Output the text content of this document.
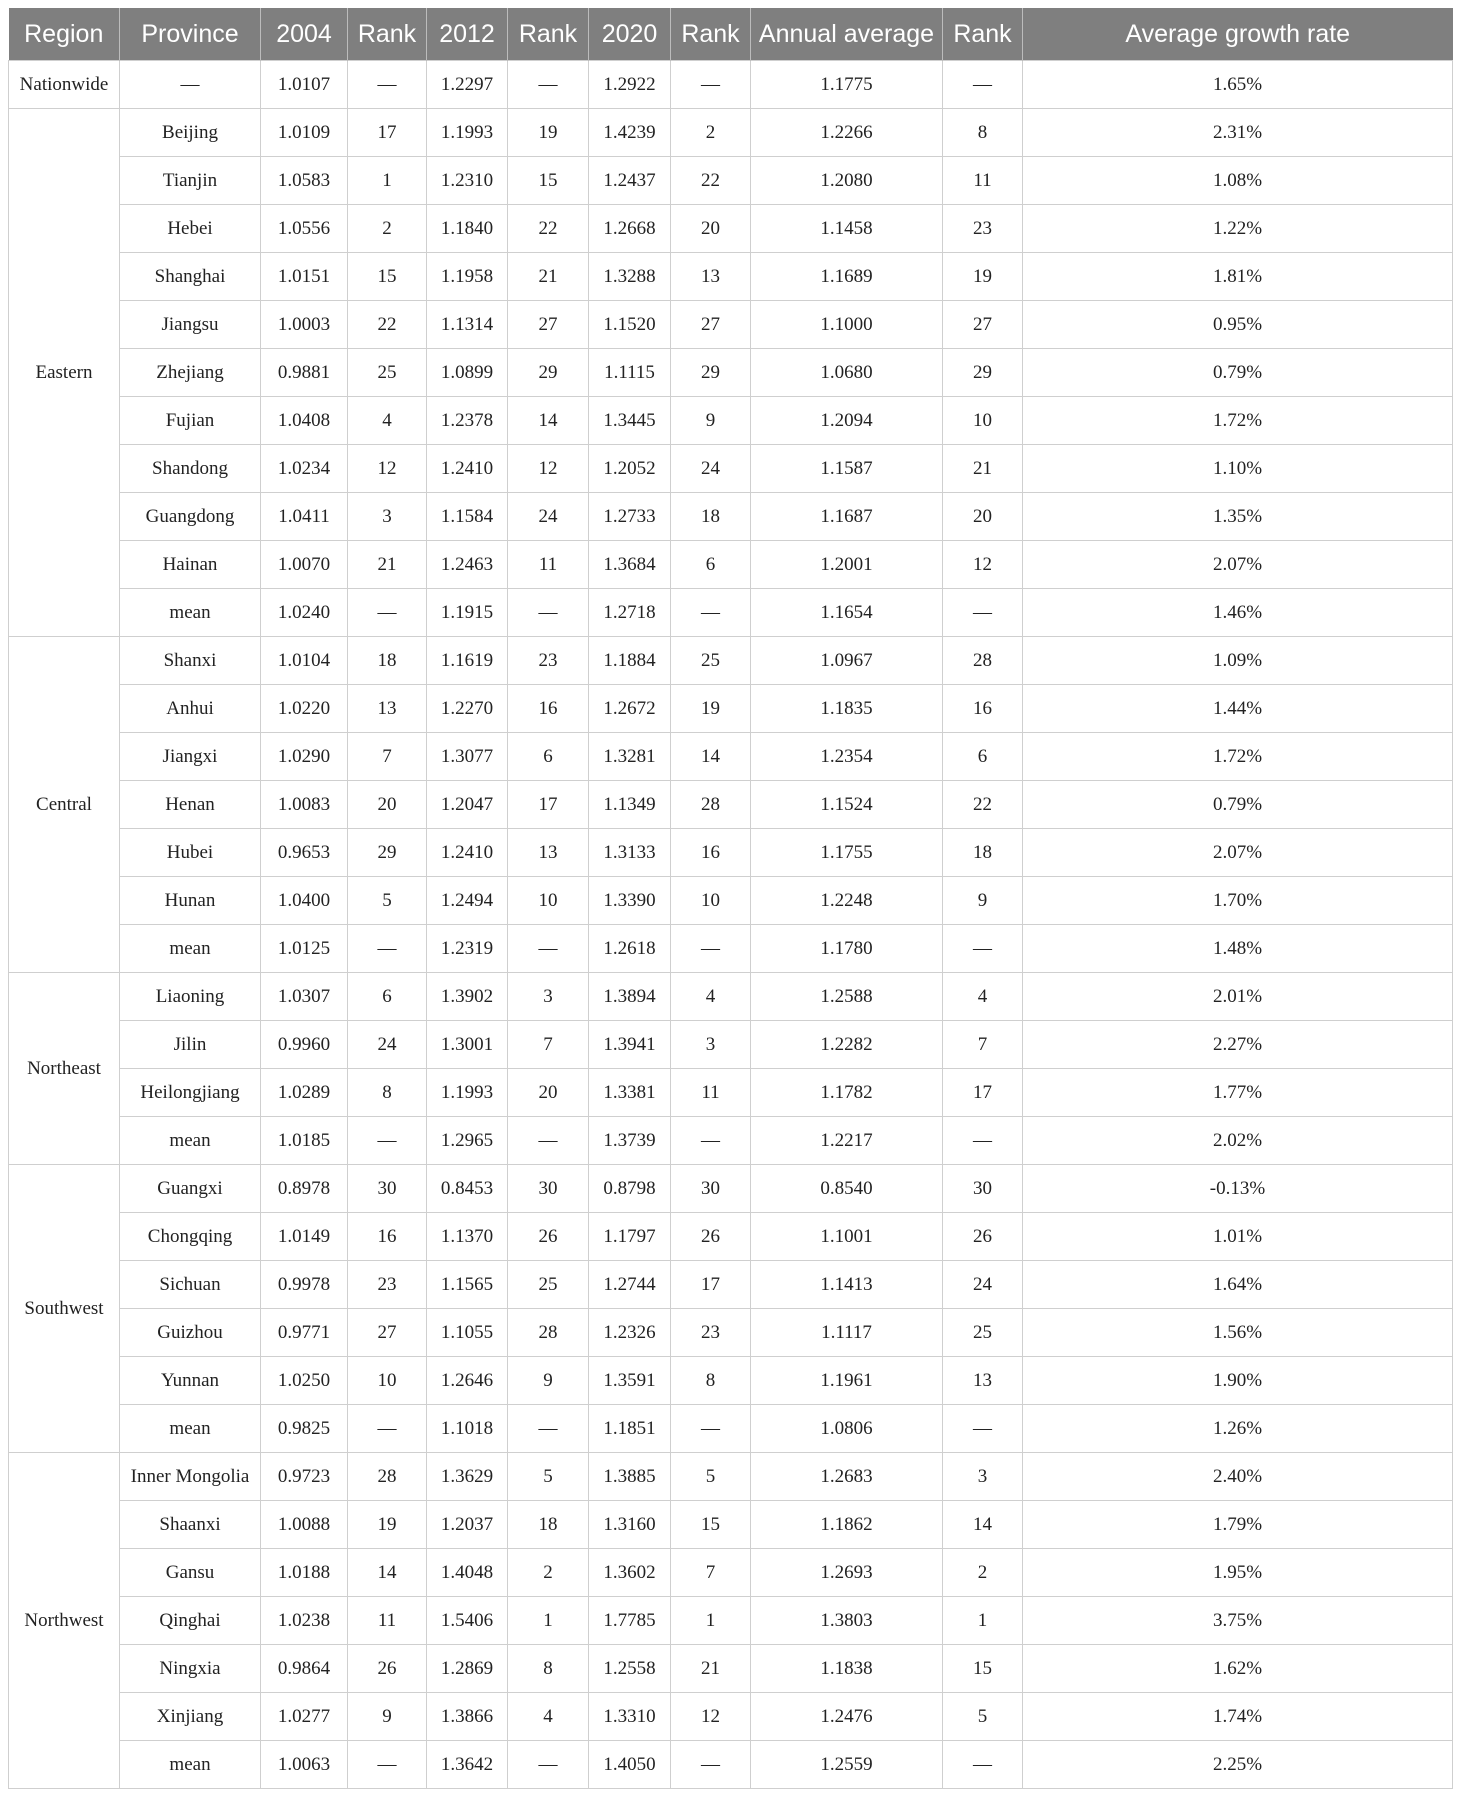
Region	Province	2004	Rank	2012	Rank	2020	Rank	Annual average	Rank	Average growth rate
Nationwide	—	1.0107	—	1.2297	—	1.2922	—	1.1775	—	1.65%
Eastern	Beijing	1.0109	17	1.1993	19	1.4239	2	1.2266	8	2.31%
	Tianjin	1.0583	1	1.2310	15	1.2437	22	1.2080	11	1.08%
	Hebei	1.0556	2	1.1840	22	1.2668	20	1.1458	23	1.22%
	Shanghai	1.0151	15	1.1958	21	1.3288	13	1.1689	19	1.81%
	Jiangsu	1.0003	22	1.1314	27	1.1520	27	1.1000	27	0.95%
	Zhejiang	0.9881	25	1.0899	29	1.1115	29	1.0680	29	0.79%
	Fujian	1.0408	4	1.2378	14	1.3445	9	1.2094	10	1.72%
	Shandong	1.0234	12	1.2410	12	1.2052	24	1.1587	21	1.10%
	Guangdong	1.0411	3	1.1584	24	1.2733	18	1.1687	20	1.35%
	Hainan	1.0070	21	1.2463	11	1.3684	6	1.2001	12	2.07%
	mean	1.0240	—	1.1915	—	1.2718	—	1.1654	—	1.46%
Central	Shanxi	1.0104	18	1.1619	23	1.1884	25	1.0967	28	1.09%
	Anhui	1.0220	13	1.2270	16	1.2672	19	1.1835	16	1.44%
	Jiangxi	1.0290	7	1.3077	6	1.3281	14	1.2354	6	1.72%
	Henan	1.0083	20	1.2047	17	1.1349	28	1.1524	22	0.79%
	Hubei	0.9653	29	1.2410	13	1.3133	16	1.1755	18	2.07%
	Hunan	1.0400	5	1.2494	10	1.3390	10	1.2248	9	1.70%
	mean	1.0125	—	1.2319	—	1.2618	—	1.1780	—	1.48%
Northeast	Liaoning	1.0307	6	1.3902	3	1.3894	4	1.2588	4	2.01%
	Jilin	0.9960	24	1.3001	7	1.3941	3	1.2282	7	2.27%
	Heilongjiang	1.0289	8	1.1993	20	1.3381	11	1.1782	17	1.77%
	mean	1.0185	—	1.2965	—	1.3739	—	1.2217	—	2.02%
Southwest	Guangxi	0.8978	30	0.8453	30	0.8798	30	0.8540	30	-0.13%
	Chongqing	1.0149	16	1.1370	26	1.1797	26	1.1001	26	1.01%
	Sichuan	0.9978	23	1.1565	25	1.2744	17	1.1413	24	1.64%
	Guizhou	0.9771	27	1.1055	28	1.2326	23	1.1117	25	1.56%
	Yunnan	1.0250	10	1.2646	9	1.3591	8	1.1961	13	1.90%
	mean	0.9825	—	1.1018	—	1.1851	—	1.0806	—	1.26%
Northwest	Inner Mongolia	0.9723	28	1.3629	5	1.3885	5	1.2683	3	2.40%
	Shaanxi	1.0088	19	1.2037	18	1.3160	15	1.1862	14	1.79%
	Gansu	1.0188	14	1.4048	2	1.3602	7	1.2693	2	1.95%
	Qinghai	1.0238	11	1.5406	1	1.7785	1	1.3803	1	3.75%
	Ningxia	0.9864	26	1.2869	8	1.2558	21	1.1838	15	1.62%
	Xinjiang	1.0277	9	1.3866	4	1.3310	12	1.2476	5	1.74%
	mean	1.0063	—	1.3642	—	1.4050	—	1.2559	—	2.25%
